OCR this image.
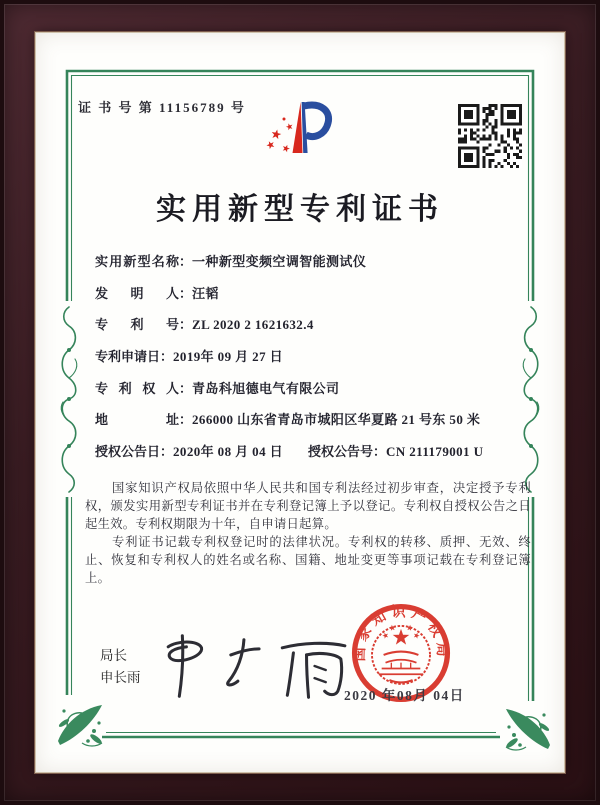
证 书 号 第 11156789 号
实用新型专利证书
实用新型名称：一种新型变频空调智能测试仪
发明人：汪韬
专利号：ZL 2020 2 1621632.4
专利申请日：2019年 09 月 27 日
专利权人：青岛科旭德电气有限公司
地址：266000 山东省青岛市城阳区华夏路 21 号东 50 米
授权公告日：2020年 08 月 04 日 授权公告号：CN 211179001 U

国家知识产权局依照中华人民共和国专利法经过初步审查，决定授予专利权，颁发实用新型专利证书并在专利登记簿上予以登记。专利权自授权公告之日起生效。专利权期限为十年，自申请日起算。

专利证书记载专利权登记时的法律状况。专利权的转移、质押、无效、终止、恢复和专利权人的姓名或名称、国籍、地址变更等事项记载在专利登记簿上。

局长
申长雨
国家知识产权局
2020 年08月 04日
